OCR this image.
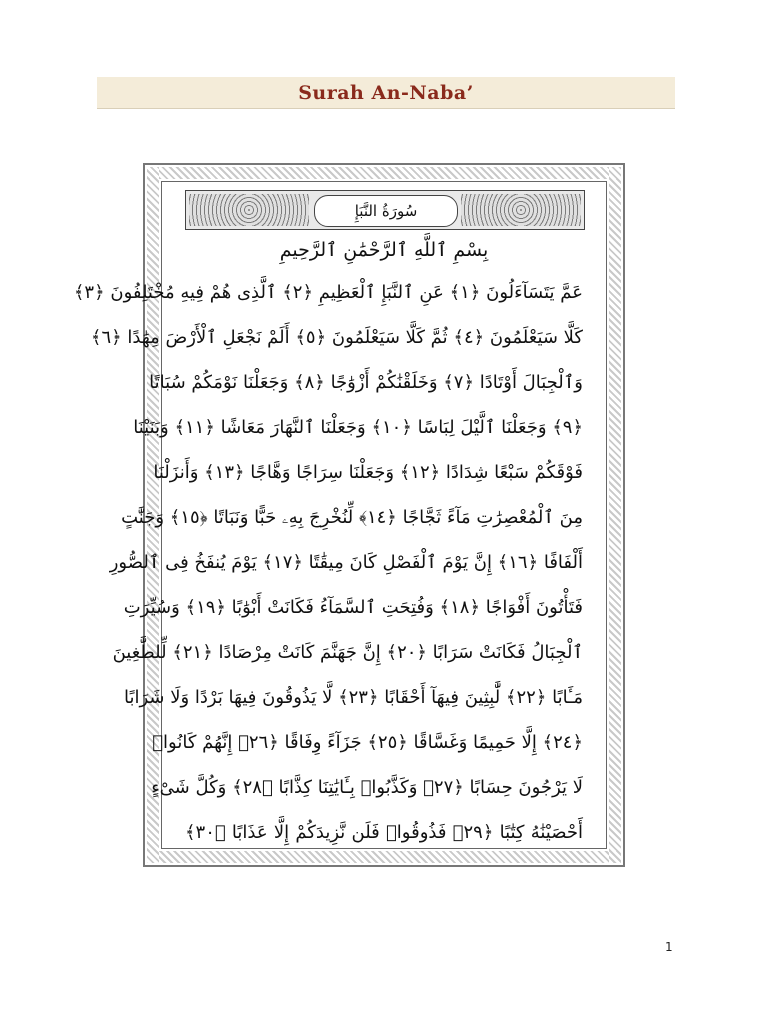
Surah An-Naba’
سُورَةُ النَّبَإِ
بِسْمِ ٱللَّهِ ٱلرَّحْمَٰنِ ٱلرَّحِيمِ
عَمَّ يَتَسَآءَلُونَ ﴿١﴾ عَنِ ٱلنَّبَإِ ٱلْعَظِيمِ ﴿٢﴾ ٱلَّذِى هُمْ فِيهِ مُخْتَلِفُونَ ﴿٣﴾
كَلَّا سَيَعْلَمُونَ ﴿٤﴾ ثُمَّ كَلَّا سَيَعْلَمُونَ ﴿٥﴾ أَلَمْ نَجْعَلِ ٱلْأَرْضَ مِهَٰدًا ﴿٦﴾
وَٱلْجِبَالَ أَوْتَادًا ﴿٧﴾ وَخَلَقْنَٰكُمْ أَزْوَٰجًا ﴿٨﴾ وَجَعَلْنَا نَوْمَكُمْ سُبَاتًا
﴿٩﴾ وَجَعَلْنَا ٱلَّيْلَ لِبَاسًا ﴿١٠﴾ وَجَعَلْنَا ٱلنَّهَارَ مَعَاشًا ﴿١١﴾ وَبَنَيْنَا
فَوْقَكُمْ سَبْعًا شِدَادًا ﴿١٢﴾ وَجَعَلْنَا سِرَاجًا وَهَّاجًا ﴿١٣﴾ وَأَنزَلْنَا
مِنَ ٱلْمُعْصِرَٰتِ مَآءً ثَجَّاجًا ﴿١٤﴾ لِّنُخْرِجَ بِهِۦ حَبًّا وَنَبَاتًا ﴿١٥﴾ وَجَنَّٰتٍ
أَلْفَافًا ﴿١٦﴾ إِنَّ يَوْمَ ٱلْفَصْلِ كَانَ مِيقَٰتًا ﴿١٧﴾ يَوْمَ يُنفَخُ فِى ٱلصُّورِ
فَتَأْتُونَ أَفْوَاجًا ﴿١٨﴾ وَفُتِحَتِ ٱلسَّمَآءُ فَكَانَتْ أَبْوَٰبًا ﴿١٩﴾ وَسُيِّرَتِ
ٱلْجِبَالُ فَكَانَتْ سَرَابًا ﴿٢٠﴾ إِنَّ جَهَنَّمَ كَانَتْ مِرْصَادًا ﴿٢١﴾ لِّلطَّٰغِينَ
مَـَٔابًا ﴿٢٢﴾ لَّٰبِثِينَ فِيهَآ أَحْقَابًا ﴿٢٣﴾ لَّا يَذُوقُونَ فِيهَا بَرْدًا وَلَا شَرَابًا
﴿٢٤﴾ إِلَّا حَمِيمًا وَغَسَّاقًا ﴿٢٥﴾ جَزَآءً وِفَاقًا ﴿٢٦﴾ إِنَّهُمْ كَانُوا۟
لَا يَرْجُونَ حِسَابًا ﴿٢٧﴾ وَكَذَّبُوا۟ بِـَٔايَٰتِنَا كِذَّابًا ﴿٢٨﴾ وَكُلَّ شَىْءٍ
أَحْصَيْنَٰهُ كِتَٰبًا ﴿٢٩﴾ فَذُوقُوا۟ فَلَن نَّزِيدَكُمْ إِلَّا عَذَابًا ﴿٣٠﴾
1
